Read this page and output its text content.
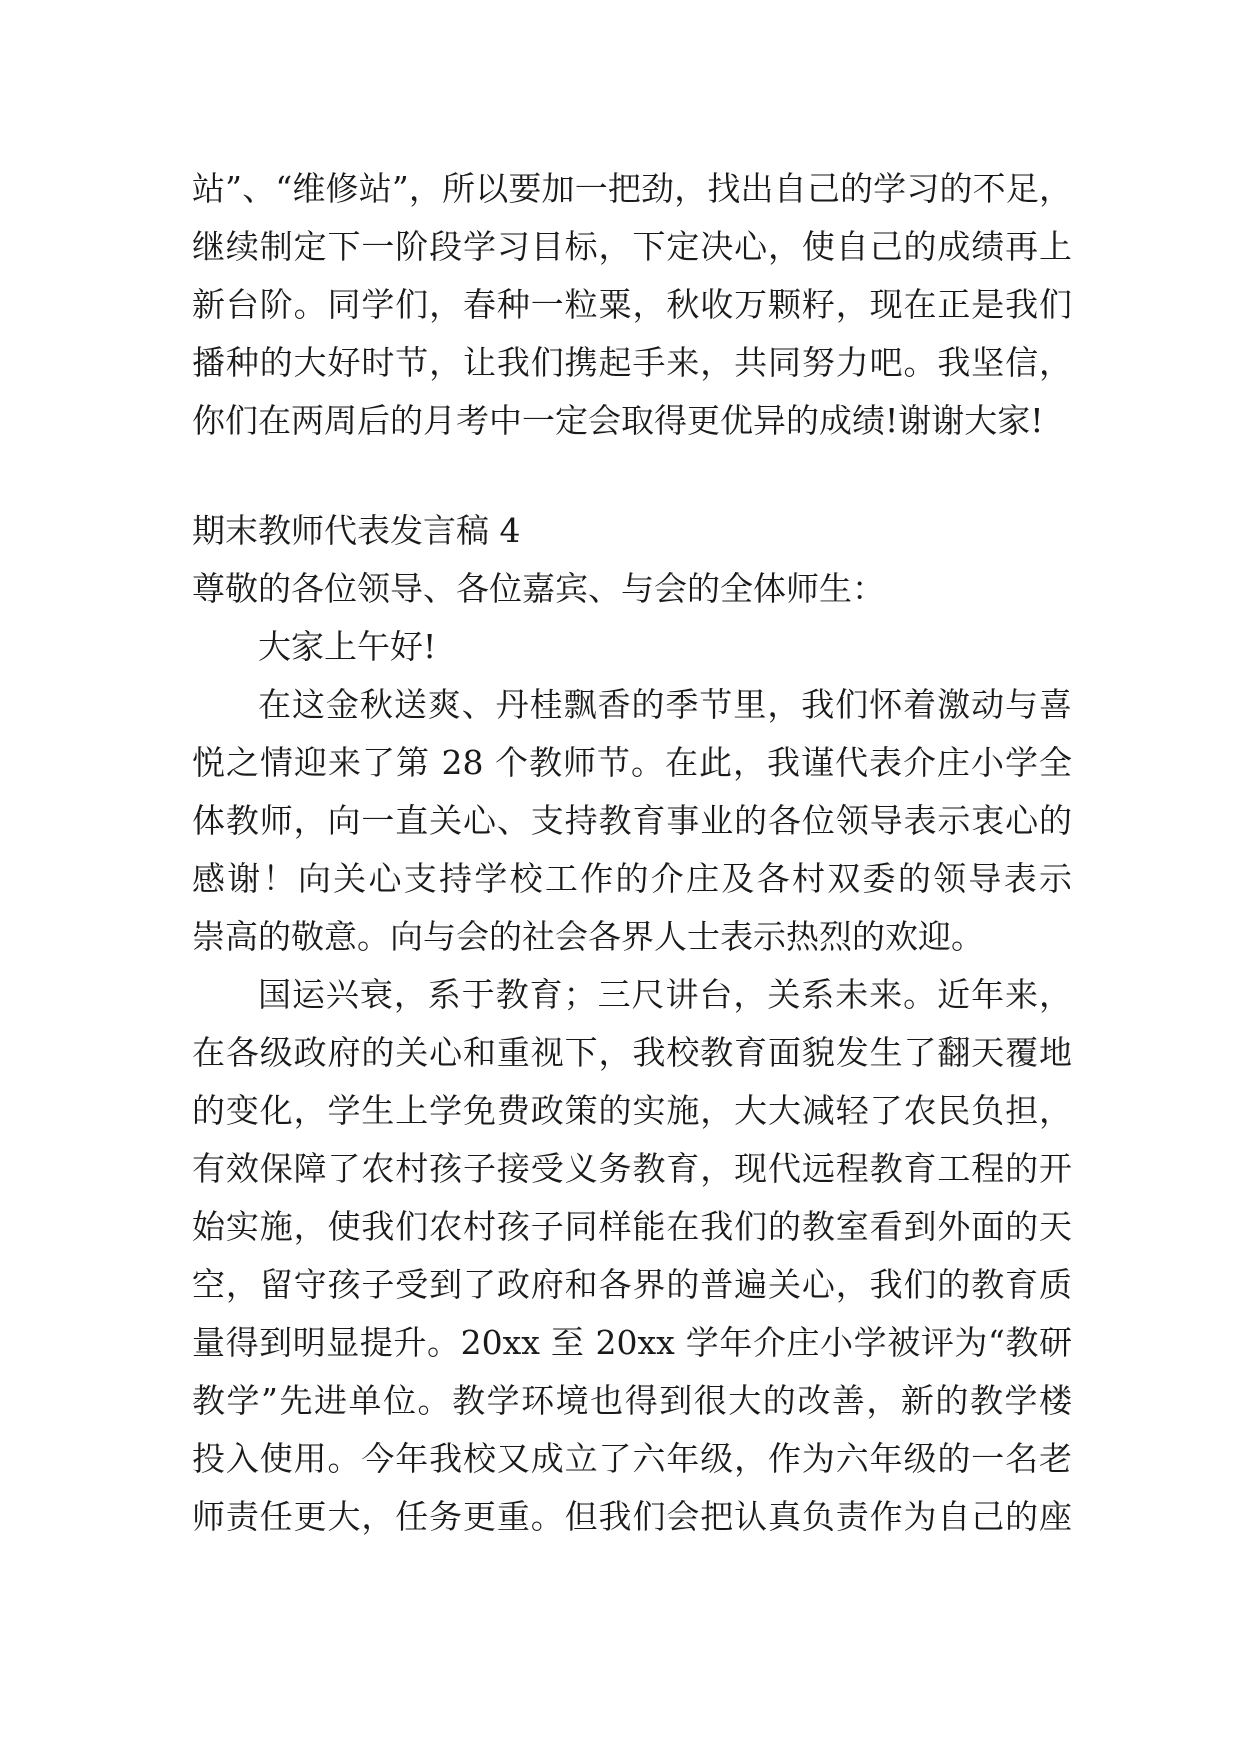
站”、“维修站”，所以要加一把劲，找出自己的学习的不足，
继续制定下一阶段学习目标，下定决心，使自己的成绩再上
新台阶。同学们，春种一粒粟，秋收万颗籽，现在正是我们
播种的大好时节，让我们携起手来，共同努力吧。我坚信，
你们在两周后的月考中一定会取得更优异的成绩!谢谢大家!
期末教师代表发言稿 4
尊敬的各位领导、各位嘉宾、与会的全体师生：
大家上午好!
在这金秋送爽、丹桂飘香的季节里，我们怀着激动与喜
悦之情迎来了第 28 个教师节。在此，我谨代表介庄小学全
体教师，向一直关心、支持教育事业的各位领导表示衷心的
感谢！向关心支持学校工作的介庄及各村双委的领导表示
崇高的敬意。向与会的社会各界人士表示热烈的欢迎。
国运兴衰，系于教育；三尺讲台，关系未来。近年来，
在各级政府的关心和重视下，我校教育面貌发生了翻天覆地
的变化，学生上学免费政策的实施，大大减轻了农民负担，
有效保障了农村孩子接受义务教育，现代远程教育工程的开
始实施，使我们农村孩子同样能在我们的教室看到外面的天
空，留守孩子受到了政府和各界的普遍关心，我们的教育质
量得到明显提升。20xx 至 20xx 学年介庄小学被评为“教研
教学”先进单位。教学环境也得到很大的改善，新的教学楼
投入使用。今年我校又成立了六年级，作为六年级的一名老
师责任更大，任务更重。但我们会把认真负责作为自己的座
